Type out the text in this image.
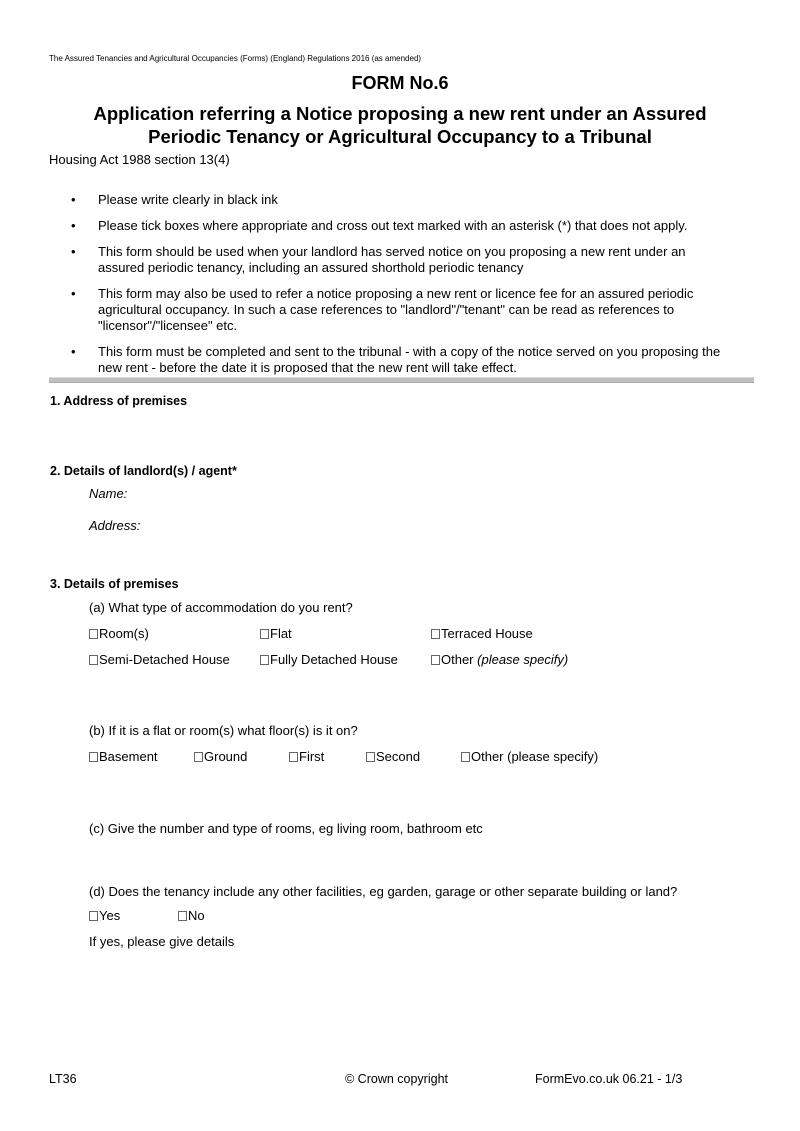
The Assured Tenancies and Agricultural Occupancies (Forms) (England) Regulations 2016 (as amended)
FORM No.6
Application referring a Notice proposing a new rent under an Assured
Periodic Tenancy or Agricultural Occupancy to a Tribunal
Housing Act 1988 section 13(4)
• Please write clearly in black ink
• Please tick boxes where appropriate and cross out text marked with an asterisk (*) that does not apply.
• This form should be used when your landlord has served notice on you proposing a new rent under an
assured periodic tenancy, including an assured shorthold periodic tenancy
• This form may also be used to refer a notice proposing a new rent or licence fee for an assured periodic
agricultural occupancy. In such a case references to "landlord"/"tenant" can be read as references to
"licensor"/"licensee" etc.
• This form must be completed and sent to the tribunal - with a copy of the notice served on you proposing the
new rent - before the date it is proposed that the new rent will take effect.
1. Address of premises
2. Details of landlord(s) / agent*
Name:
Address:
3. Details of premises
(a) What type of accommodation do you rent?
Room(s)	Flat	Terraced House
Semi-Detached House	Fully Detached House	Other (please specify)
(b) If it is a flat or room(s) what floor(s) is it on?
Basement	Ground	First	Second	Other (please specify)
(c) Give the number and type of rooms, eg living room, bathroom etc
(d) Does the tenancy include any other facilities, eg garden, garage or other separate building or land?
Yes	No
If yes, please give details
LT36	© Crown copyright	FormEvo.co.uk 06.21 - 1/3
